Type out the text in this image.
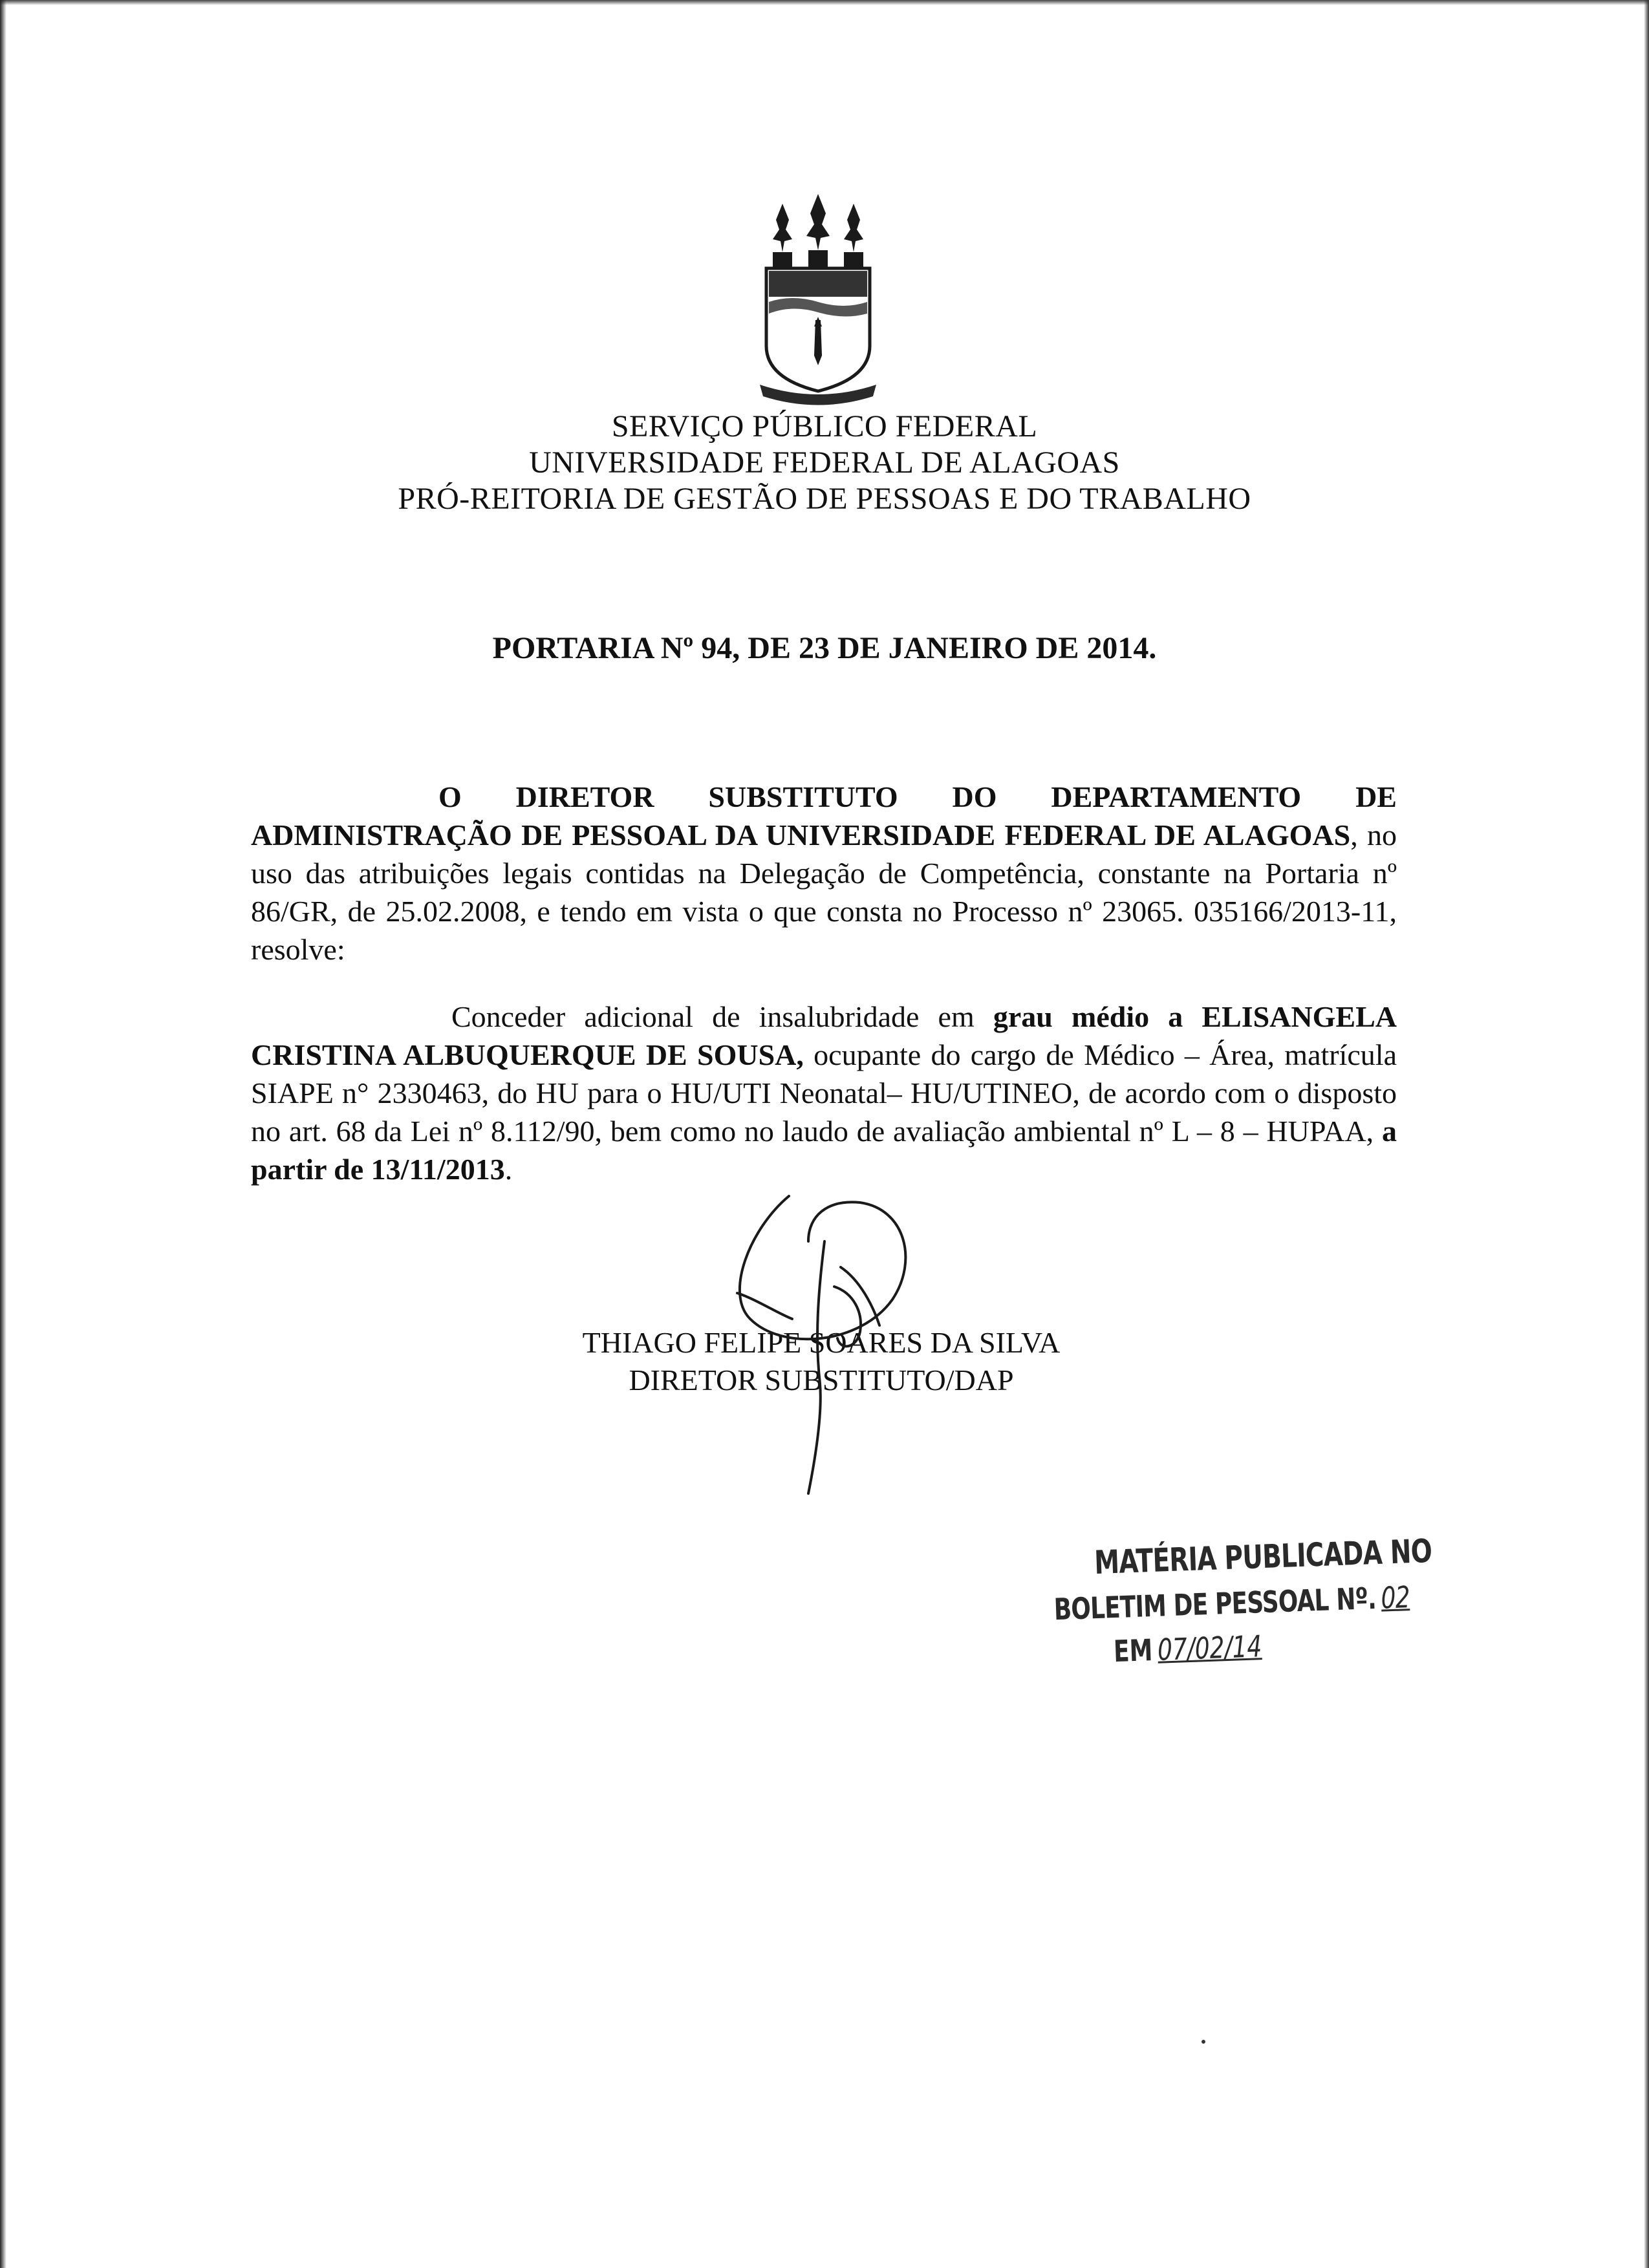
SERVIÇO PÚBLICO FEDERAL
UNIVERSIDADE FEDERAL DE ALAGOAS
PRÓ-REITORIA DE GESTÃO DE PESSOAS E DO TRABALHO
PORTARIA Nº 94, DE 23 DE JANEIRO DE 2014.
O DIRETOR SUBSTITUTO DO DEPARTAMENTO DE ADMINISTRAÇÃO DE PESSOAL DA UNIVERSIDADE FEDERAL DE ALAGOAS, no uso das atribuições legais contidas na Delegação de Competência, constante na Portaria nº 86/GR, de 25.02.2008, e tendo em vista o que consta no Processo nº 23065. 035166/2013-11, resolve:
Conceder adicional de insalubridade em grau médio a ELISANGELA CRISTINA ALBUQUERQUE DE SOUSA, ocupante do cargo de Médico – Área, matrícula SIAPE n° 2330463, do HU para o HU/UTI Neonatal– HU/UTINEO, de acordo com o disposto no art. 68 da Lei nº 8.112/90, bem como no laudo de avaliação ambiental nº L – 8 – HUPAA, a partir de 13/11/2013.
THIAGO FELIPE SOARES DA SILVA
DIRETOR SUBSTITUTO/DAP
MATÉRIA PUBLICADA NO
BOLETIM DE PESSOAL Nº. 02
EM 07/02/14
